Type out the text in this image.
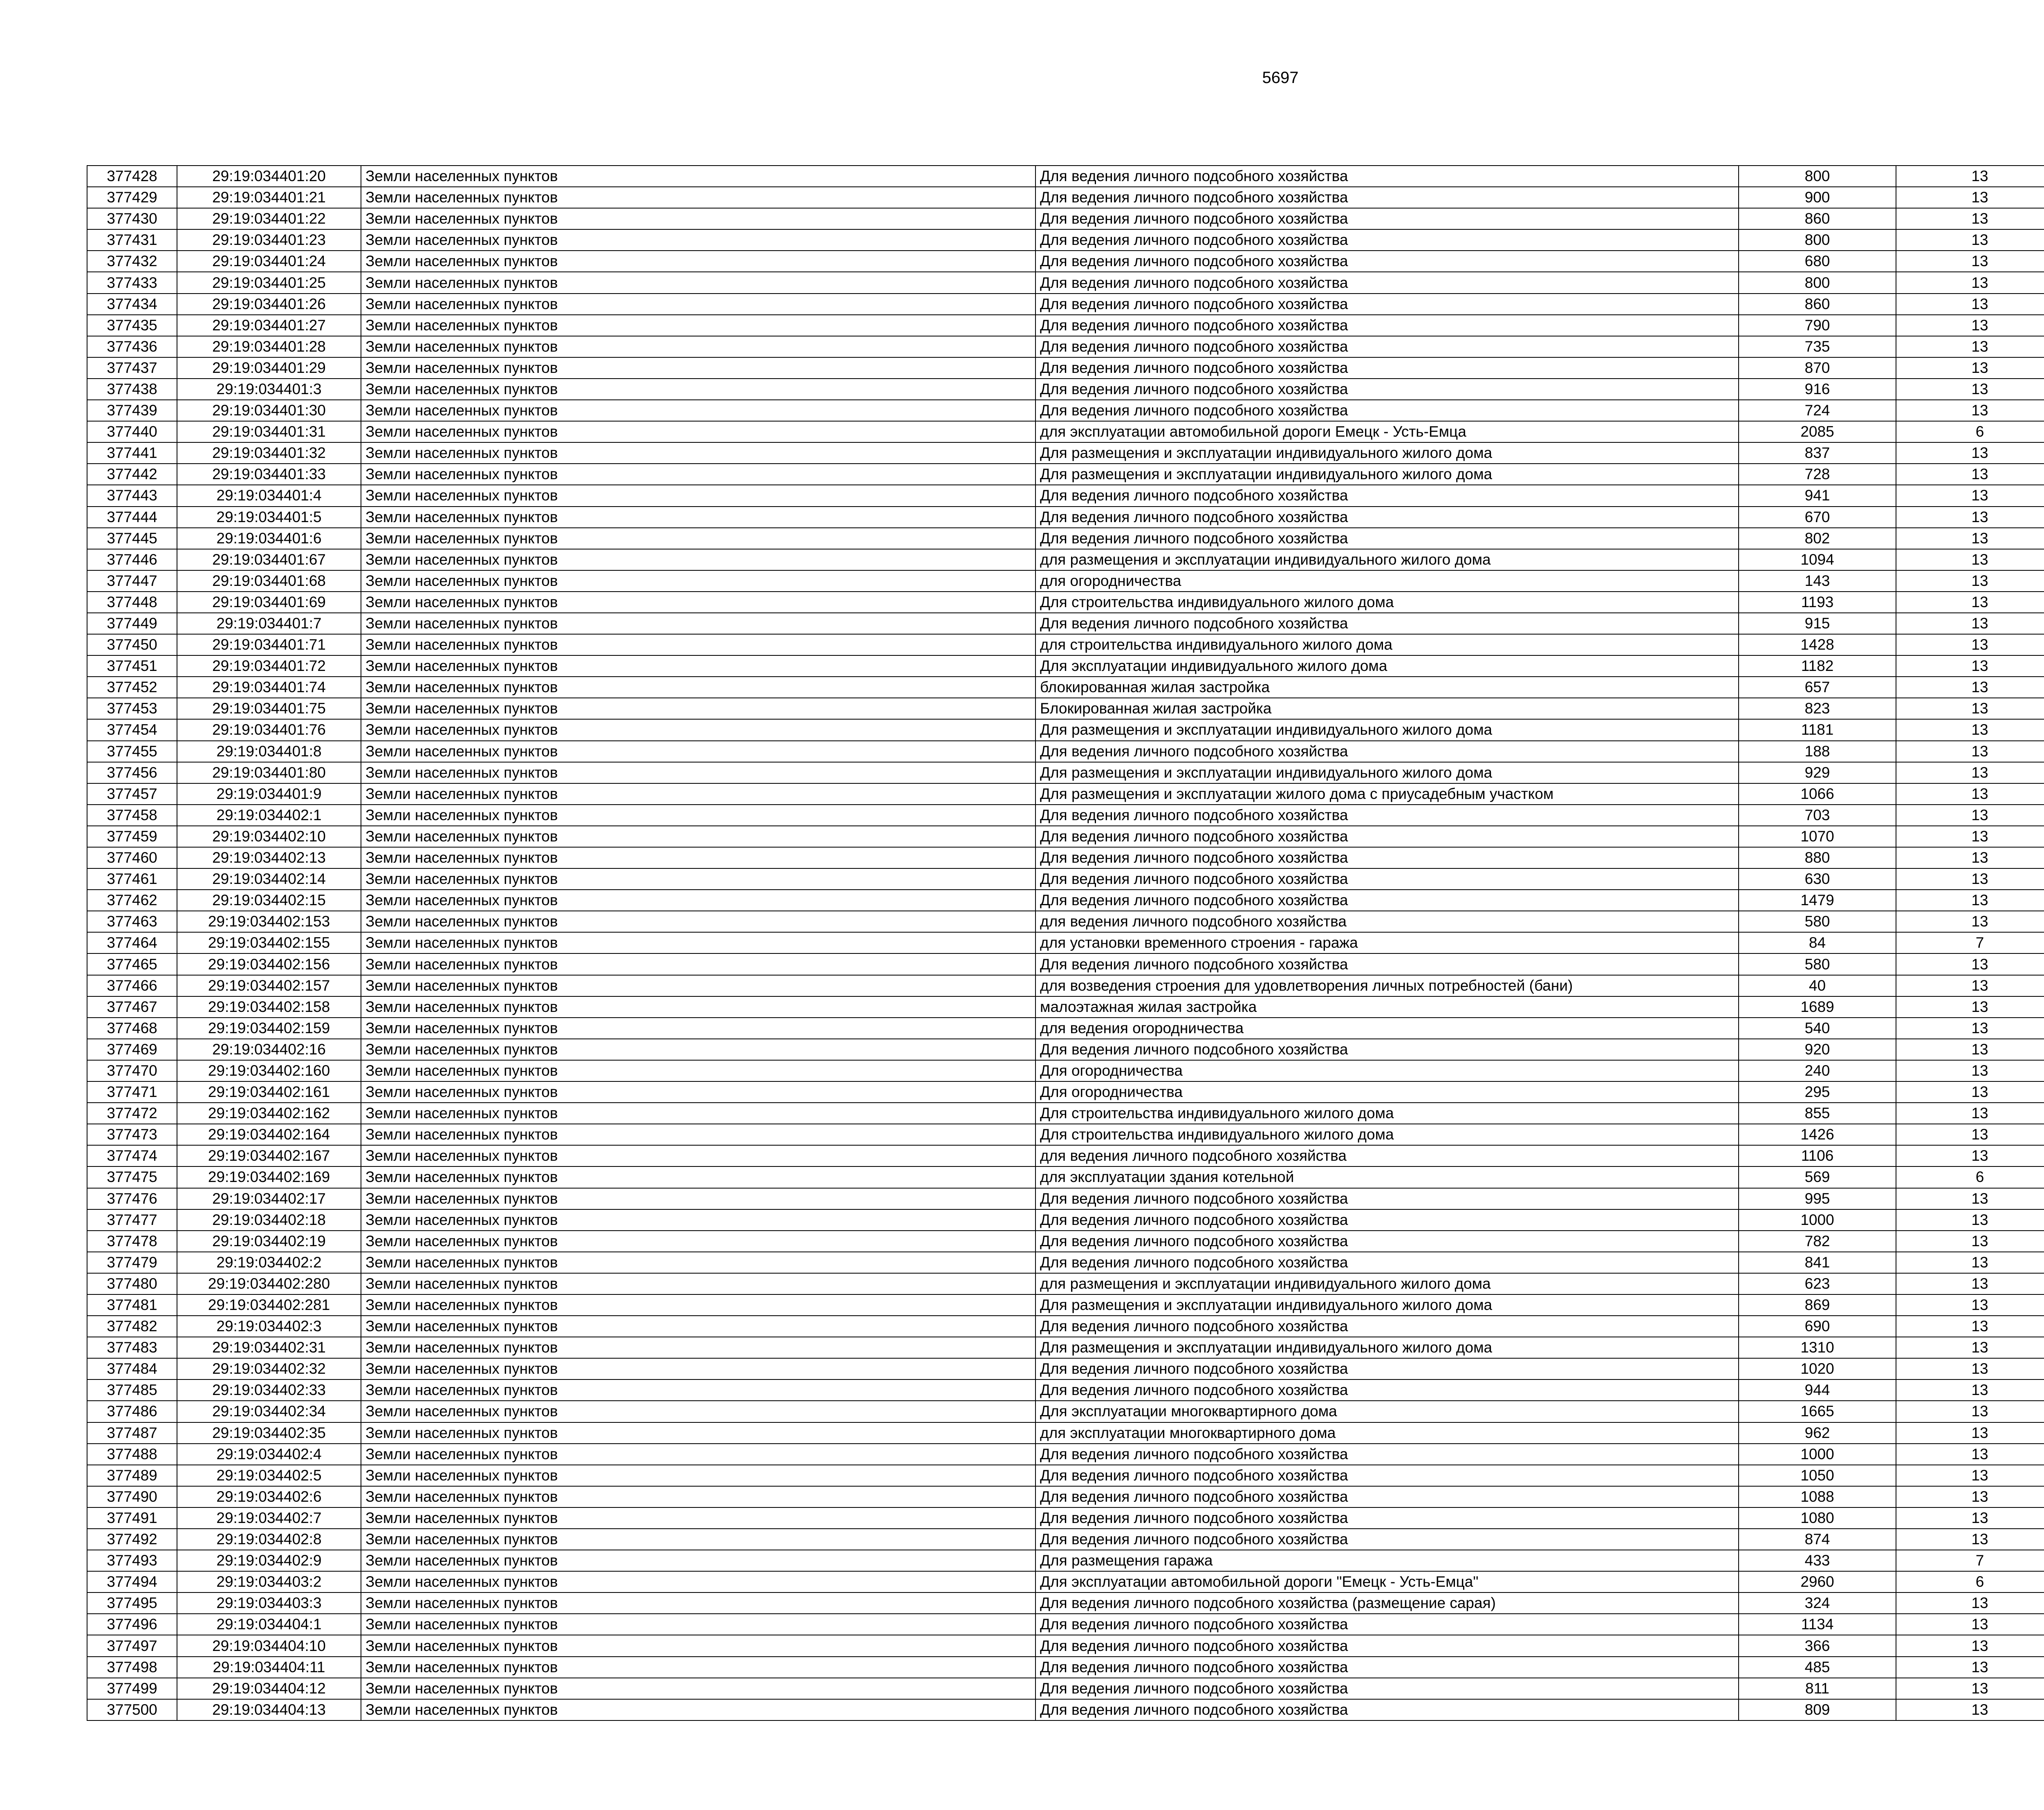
5697
377428	29:19:034401:20	Земли населенных пунктов	Для ведения личного подсобного хозяйства	800	13		
377429	29:19:034401:21	Земли населенных пунктов	Для ведения личного подсобного хозяйства	900	13		
377430	29:19:034401:22	Земли населенных пунктов	Для ведения личного подсобного хозяйства	860	13		
377431	29:19:034401:23	Земли населенных пунктов	Для ведения личного подсобного хозяйства	800	13		
377432	29:19:034401:24	Земли населенных пунктов	Для ведения личного подсобного хозяйства	680	13		
377433	29:19:034401:25	Земли населенных пунктов	Для ведения личного подсобного хозяйства	800	13		
377434	29:19:034401:26	Земли населенных пунктов	Для ведения личного подсобного хозяйства	860	13		
377435	29:19:034401:27	Земли населенных пунктов	Для ведения личного подсобного хозяйства	790	13		
377436	29:19:034401:28	Земли населенных пунктов	Для ведения личного подсобного хозяйства	735	13		
377437	29:19:034401:29	Земли населенных пунктов	Для ведения личного подсобного хозяйства	870	13		
377438	29:19:034401:3	Земли населенных пунктов	Для ведения личного подсобного хозяйства	916	13		
377439	29:19:034401:30	Земли населенных пунктов	Для ведения личного подсобного хозяйства	724	13		
377440	29:19:034401:31	Земли населенных пунктов	для эксплуатации автомобильной дороги Емецк - Усть-Емца	2085	6		
377441	29:19:034401:32	Земли населенных пунктов	Для размещения и эксплуатации индивидуального жилого дома	837	13		
377442	29:19:034401:33	Земли населенных пунктов	Для размещения и эксплуатации индивидуального жилого дома	728	13		
377443	29:19:034401:4	Земли населенных пунктов	Для ведения личного подсобного хозяйства	941	13		
377444	29:19:034401:5	Земли населенных пунктов	Для ведения личного подсобного хозяйства	670	13		
377445	29:19:034401:6	Земли населенных пунктов	Для ведения личного подсобного хозяйства	802	13		
377446	29:19:034401:67	Земли населенных пунктов	для размещения и эксплуатации индивидуального жилого дома	1094	13		
377447	29:19:034401:68	Земли населенных пунктов	для огородничества	143	13		
377448	29:19:034401:69	Земли населенных пунктов	Для строительства индивидуального жилого дома	1193	13		
377449	29:19:034401:7	Земли населенных пунктов	Для ведения личного подсобного хозяйства	915	13		
377450	29:19:034401:71	Земли населенных пунктов	для строительства индивидуального жилого дома	1428	13		
377451	29:19:034401:72	Земли населенных пунктов	Для эксплуатации индивидуального жилого дома	1182	13		
377452	29:19:034401:74	Земли населенных пунктов	блокированная жилая застройка	657	13		
377453	29:19:034401:75	Земли населенных пунктов	Блокированная жилая застройка	823	13		
377454	29:19:034401:76	Земли населенных пунктов	Для размещения и эксплуатации индивидуального жилого дома	1181	13		
377455	29:19:034401:8	Земли населенных пунктов	Для ведения личного подсобного хозяйства	188	13		
377456	29:19:034401:80	Земли населенных пунктов	Для размещения и эксплуатации индивидуального жилого дома	929	13		
377457	29:19:034401:9	Земли населенных пунктов	Для размещения и эксплуатации жилого дома с приусадебным участком	1066	13		
377458	29:19:034402:1	Земли населенных пунктов	Для ведения личного подсобного хозяйства	703	13		
377459	29:19:034402:10	Земли населенных пунктов	Для ведения личного подсобного хозяйства	1070	13		
377460	29:19:034402:13	Земли населенных пунктов	Для ведения личного подсобного хозяйства	880	13		
377461	29:19:034402:14	Земли населенных пунктов	Для ведения личного подсобного хозяйства	630	13		
377462	29:19:034402:15	Земли населенных пунктов	Для ведения личного подсобного хозяйства	1479	13		
377463	29:19:034402:153	Земли населенных пунктов	для ведения личного подсобного хозяйства	580	13		
377464	29:19:034402:155	Земли населенных пунктов	для установки временного строения - гаража	84	7		
377465	29:19:034402:156	Земли населенных пунктов	Для ведения личного подсобного хозяйства	580	13		
377466	29:19:034402:157	Земли населенных пунктов	для возведения строения для удовлетворения личных потребностей (бани)	40	13		
377467	29:19:034402:158	Земли населенных пунктов	малоэтажная жилая застройка	1689	13		
377468	29:19:034402:159	Земли населенных пунктов	для ведения огородничества	540	13		
377469	29:19:034402:16	Земли населенных пунктов	Для ведения личного подсобного хозяйства	920	13		
377470	29:19:034402:160	Земли населенных пунктов	Для огородничества	240	13		
377471	29:19:034402:161	Земли населенных пунктов	Для огородничества	295	13		
377472	29:19:034402:162	Земли населенных пунктов	Для строительства индивидуального жилого дома	855	13		
377473	29:19:034402:164	Земли населенных пунктов	Для строительства индивидуального жилого дома	1426	13		
377474	29:19:034402:167	Земли населенных пунктов	для ведения личного подсобного хозяйства	1106	13		
377475	29:19:034402:169	Земли населенных пунктов	для эксплуатации здания котельной	569	6		
377476	29:19:034402:17	Земли населенных пунктов	Для ведения личного подсобного хозяйства	995	13		
377477	29:19:034402:18	Земли населенных пунктов	Для ведения личного подсобного хозяйства	1000	13		
377478	29:19:034402:19	Земли населенных пунктов	Для ведения личного подсобного хозяйства	782	13		
377479	29:19:034402:2	Земли населенных пунктов	Для ведения личного подсобного хозяйства	841	13		
377480	29:19:034402:280	Земли населенных пунктов	для размещения и эксплуатации индивидуального жилого дома	623	13		
377481	29:19:034402:281	Земли населенных пунктов	Для размещения и эксплуатации индивидуального жилого дома	869	13		
377482	29:19:034402:3	Земли населенных пунктов	Для ведения личного подсобного хозяйства	690	13		
377483	29:19:034402:31	Земли населенных пунктов	Для размещения и эксплуатации индивидуального жилого дома	1310	13		
377484	29:19:034402:32	Земли населенных пунктов	Для ведения личного подсобного хозяйства	1020	13		
377485	29:19:034402:33	Земли населенных пунктов	Для ведения личного подсобного хозяйства	944	13		
377486	29:19:034402:34	Земли населенных пунктов	Для эксплуатации многоквартирного дома	1665	13		
377487	29:19:034402:35	Земли населенных пунктов	для эксплуатации многоквартирного дома	962	13		
377488	29:19:034402:4	Земли населенных пунктов	Для ведения личного подсобного хозяйства	1000	13		
377489	29:19:034402:5	Земли населенных пунктов	Для ведения личного подсобного хозяйства	1050	13		
377490	29:19:034402:6	Земли населенных пунктов	Для ведения личного подсобного хозяйства	1088	13		
377491	29:19:034402:7	Земли населенных пунктов	Для ведения личного подсобного хозяйства	1080	13		
377492	29:19:034402:8	Земли населенных пунктов	Для ведения личного подсобного хозяйства	874	13		
377493	29:19:034402:9	Земли населенных пунктов	Для размещения гаража	433	7		
377494	29:19:034403:2	Земли населенных пунктов	Для эксплуатации автомобильной дороги "Емецк - Усть-Емца"	2960	6		
377495	29:19:034403:3	Земли населенных пунктов	Для ведения личного подсобного хозяйства (размещение сарая)	324	13		
377496	29:19:034404:1	Земли населенных пунктов	Для ведения личного подсобного хозяйства	1134	13		
377497	29:19:034404:10	Земли населенных пунктов	Для ведения личного подсобного хозяйства	366	13		
377498	29:19:034404:11	Земли населенных пунктов	Для ведения личного подсобного хозяйства	485	13		
377499	29:19:034404:12	Земли населенных пунктов	Для ведения личного подсобного хозяйства	811	13		
377500	29:19:034404:13	Земли населенных пунктов	Для ведения личного подсобного хозяйства	809	13		
